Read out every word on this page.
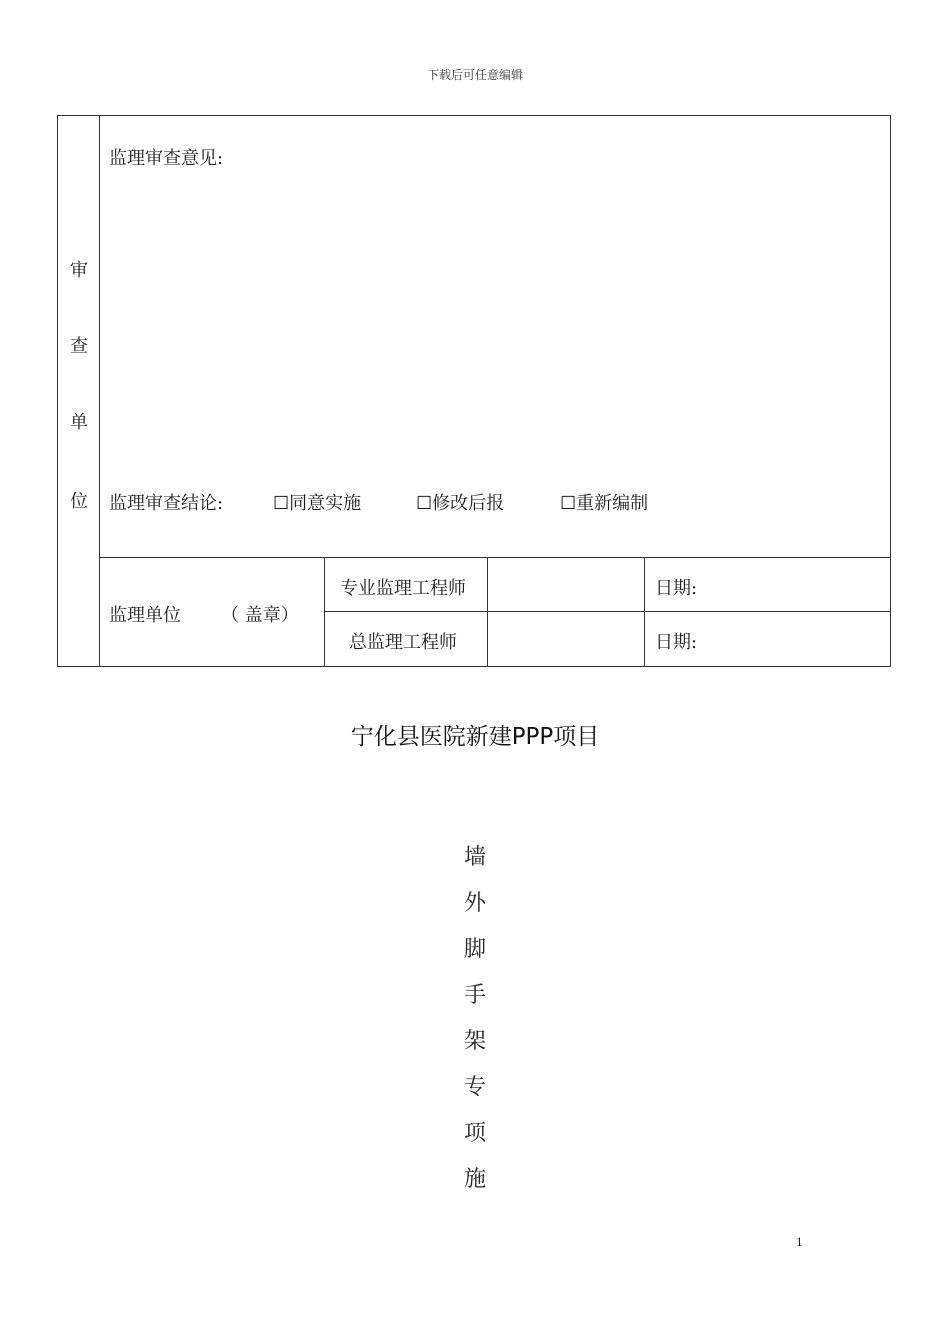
下载后可任意编辑
审
查
单
位
监理审查意见:
监理审查结论:	☐同意实施	☐修改后报	☐重新编制
监理单位 （ 盖章）
专业监理工程师	日期:
总监理工程师	日期:
宁化县医院新建PPP项目
墙
外
脚
手
架
专
项
施
1
